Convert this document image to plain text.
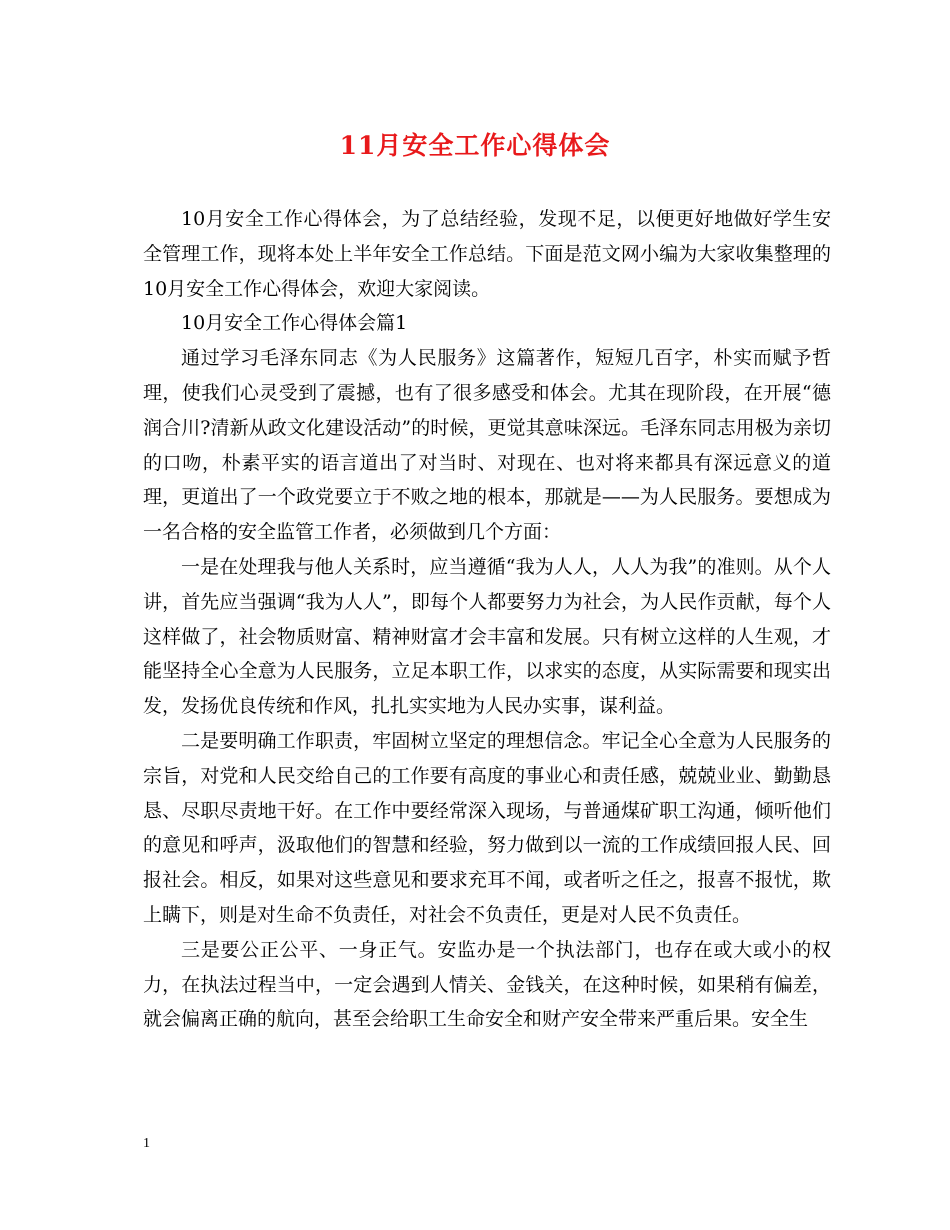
11月安全工作心得体会

10月安全工作心得体会，为了总结经验，发现不足，以便更好地做好学生安全管理工作，现将本处上半年安全工作总结。下面是范文网小编为大家收集整理的10月安全工作心得体会，欢迎大家阅读。

10月安全工作心得体会篇1

通过学习毛泽东同志《为人民服务》这篇著作，短短几百字，朴实而赋予哲理，使我们心灵受到了震撼，也有了很多感受和体会。尤其在现阶段，在开展“德润合川?清新从政文化建设活动”的时候，更觉其意味深远。毛泽东同志用极为亲切的口吻，朴素平实的语言道出了对当时、对现在、也对将来都具有深远意义的道理，更道出了一个政党要立于不败之地的根本，那就是——为人民服务。要想成为一名合格的安全监管工作者，必须做到几个方面：

一是在处理我与他人关系时，应当遵循“我为人人，人人为我”的准则。从个人讲，首先应当强调“我为人人”，即每个人都要努力为社会，为人民作贡献，每个人这样做了，社会物质财富、精神财富才会丰富和发展。只有树立这样的人生观，才能坚持全心全意为人民服务，立足本职工作，以求实的态度，从实际需要和现实出发，发扬优良传统和作风，扎扎实实地为人民办实事，谋利益。

二是要明确工作职责，牢固树立坚定的理想信念。牢记全心全意为人民服务的宗旨，对党和人民交给自己的工作要有高度的事业心和责任感，兢兢业业、勤勤恳恳、尽职尽责地干好。在工作中要经常深入现场，与普通煤矿职工沟通，倾听他们的意见和呼声，汲取他们的智慧和经验，努力做到以一流的工作成绩回报人民、回报社会。相反，如果对这些意见和要求充耳不闻，或者听之任之，报喜不报忧，欺上瞒下，则是对生命不负责任，对社会不负责任，更是对人民不负责任。

三是要公正公平、一身正气。安监办是一个执法部门，也存在或大或小的权力，在执法过程当中，一定会遇到人情关、金钱关，在这种时候，如果稍有偏差，就会偏离正确的航向，甚至会给职工生命安全和财产安全带来严重后果。安全生

1
